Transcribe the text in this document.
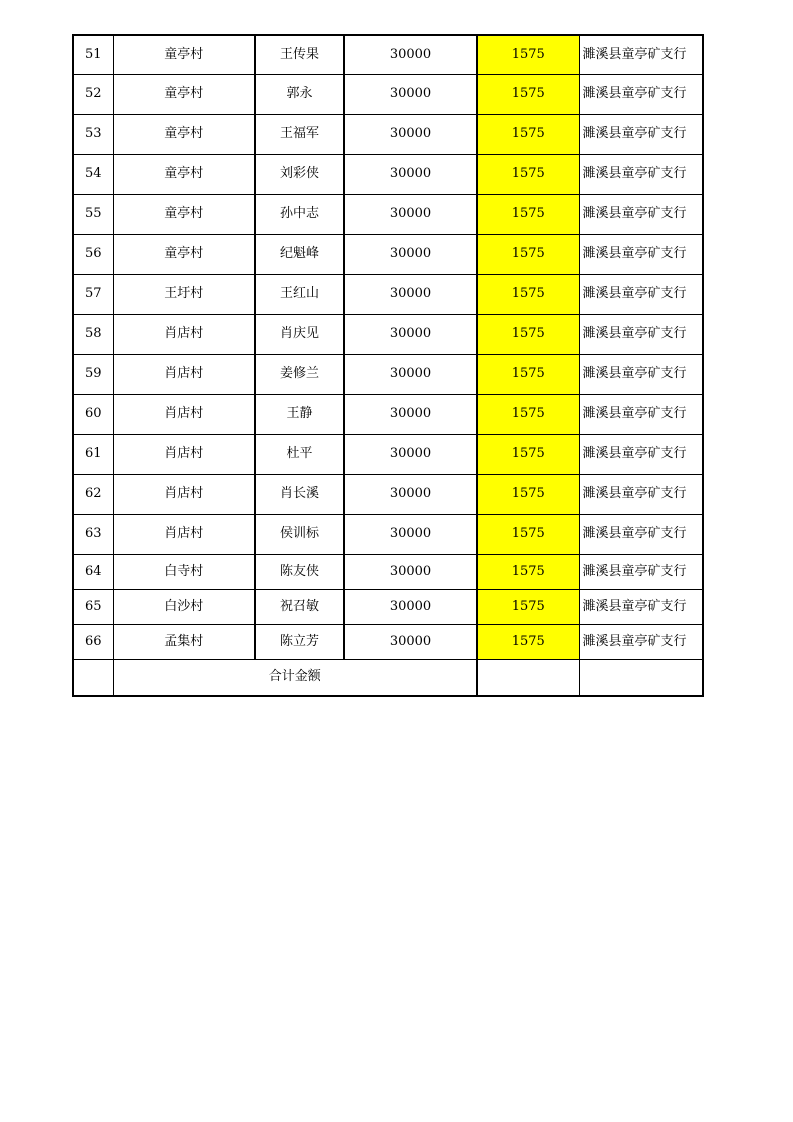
51	童亭村	王传果	30000	1575	濉溪县童亭矿支行
52	童亭村	郭永	30000	1575	濉溪县童亭矿支行
53	童亭村	王福军	30000	1575	濉溪县童亭矿支行
54	童亭村	刘彩侠	30000	1575	濉溪县童亭矿支行
55	童亭村	孙中志	30000	1575	濉溪县童亭矿支行
56	童亭村	纪魁峰	30000	1575	濉溪县童亭矿支行
57	王圩村	王红山	30000	1575	濉溪县童亭矿支行
58	肖店村	肖庆见	30000	1575	濉溪县童亭矿支行
59	肖店村	姜修兰	30000	1575	濉溪县童亭矿支行
60	肖店村	王静	30000	1575	濉溪县童亭矿支行
61	肖店村	杜平	30000	1575	濉溪县童亭矿支行
62	肖店村	肖长溪	30000	1575	濉溪县童亭矿支行
63	肖店村	侯训标	30000	1575	濉溪县童亭矿支行
64	白寺村	陈友侠	30000	1575	濉溪县童亭矿支行
65	白沙村	祝召敏	30000	1575	濉溪县童亭矿支行
66	孟集村	陈立芳	30000	1575	濉溪县童亭矿支行
	合计金额				
